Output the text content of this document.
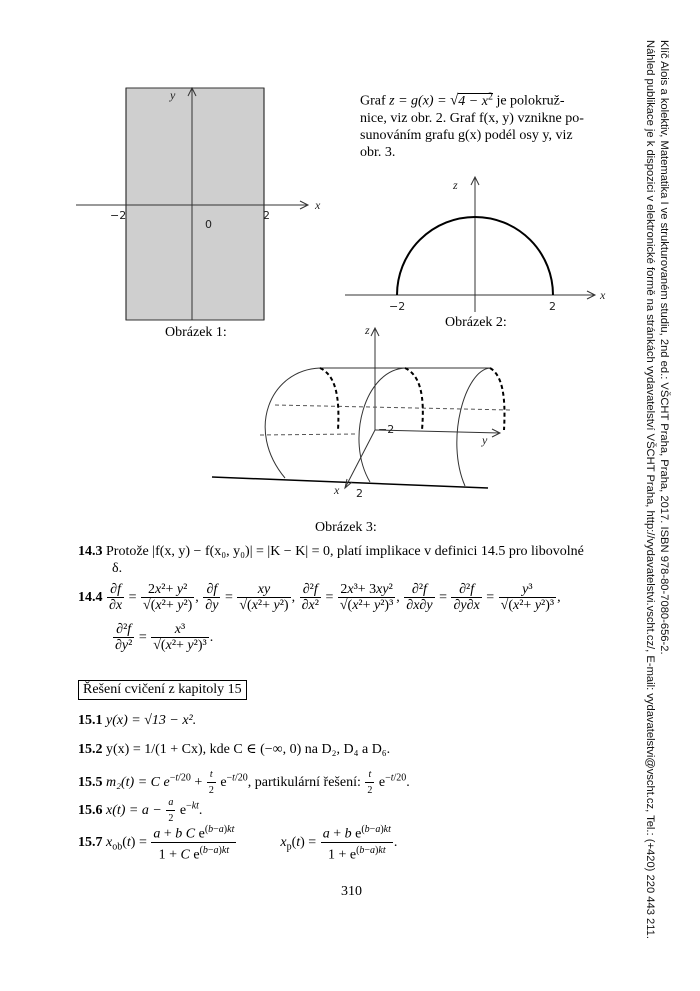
Klíč Alois a kolektiv, Matematika I ve strukturovaném studiu, 2nd ed.: VŠCHT Praha, Praha, 2017. ISBN 978-80-7080-656-2.
Náhled publikace je k dispozici v elektronické formě na stránkách vydavatelství VŠCHT Praha, http://vydavatelstvi.vscht.cz/, E-mail: vydavatelstvi@vscht.cz, Tel.: (+420) 220 443 211.
y
x
−2	2
0
Obrázek 1:
Graf $z = g(x) = √4 - x^2$ je polokruž-
nice, viz obr. 2. Graf f(x, y) vznikne po-
sunováním grafu g(x) podél osy y, viz
obr. 3.
z
x
−2	2
Obrázek 2:
z
x
y
−2
2
Obrázek 3:
14.3 Protože |f(x, y) − f(x₀, y₀)| = |K − K| = 0, platí implikace v definici 14.5 pro libovolné
δ.
$14.4 \frac{\partial f}{\partial x} = \frac{\text{2x²+ y²}}{\text{√(x²+ y²)}}$ , $\frac{\partial f}{\partial y} = \frac{xy}{\text{√(x²+ y²)}}$ , $\frac{\text{∂²f}}{\text{∂x²}} = \frac{\text{2x³+ 3xy²}}{\text{√(x²+ y²)³}}$ , $\frac{\text{∂²f}}{\partial x\partial y} = \frac{\text{∂²f}}{\partial y\partial x} = \frac{\text{y³}}{\text{√(x²+ y²)³}}$ ,
$\frac{\text{∂²f}}{\text{∂y²}} = \frac{\text{x³}}{\text{√(x²+ y²)³}}$ .
Řešení cvičení z kapitoly 15
15.1 y(x) = √13 − x².
15.2 y(x) = 1/(1 + Cx), kde C ∈ (−∞, 0) na D₂, D₄ a D₆.
15.5 m₂(t) = C $e^{-t/20} + \frac{t}{2} e^{-t/20}$, partikulární řešení: $\frac{t}{2} e^{-t/20}$.
15.6 $x(t) = a - \frac{a}{2} e^{-kt}$.
15.7 $x_{ob}(t) = \frac{a + b C e^{(b-a)kt}}{1 + C e^{(b-a)kt}}$	$x_p(t) = \frac{a + b e^{(b-a)kt}}{1 + e^{(b-a)kt}}$ .
310
